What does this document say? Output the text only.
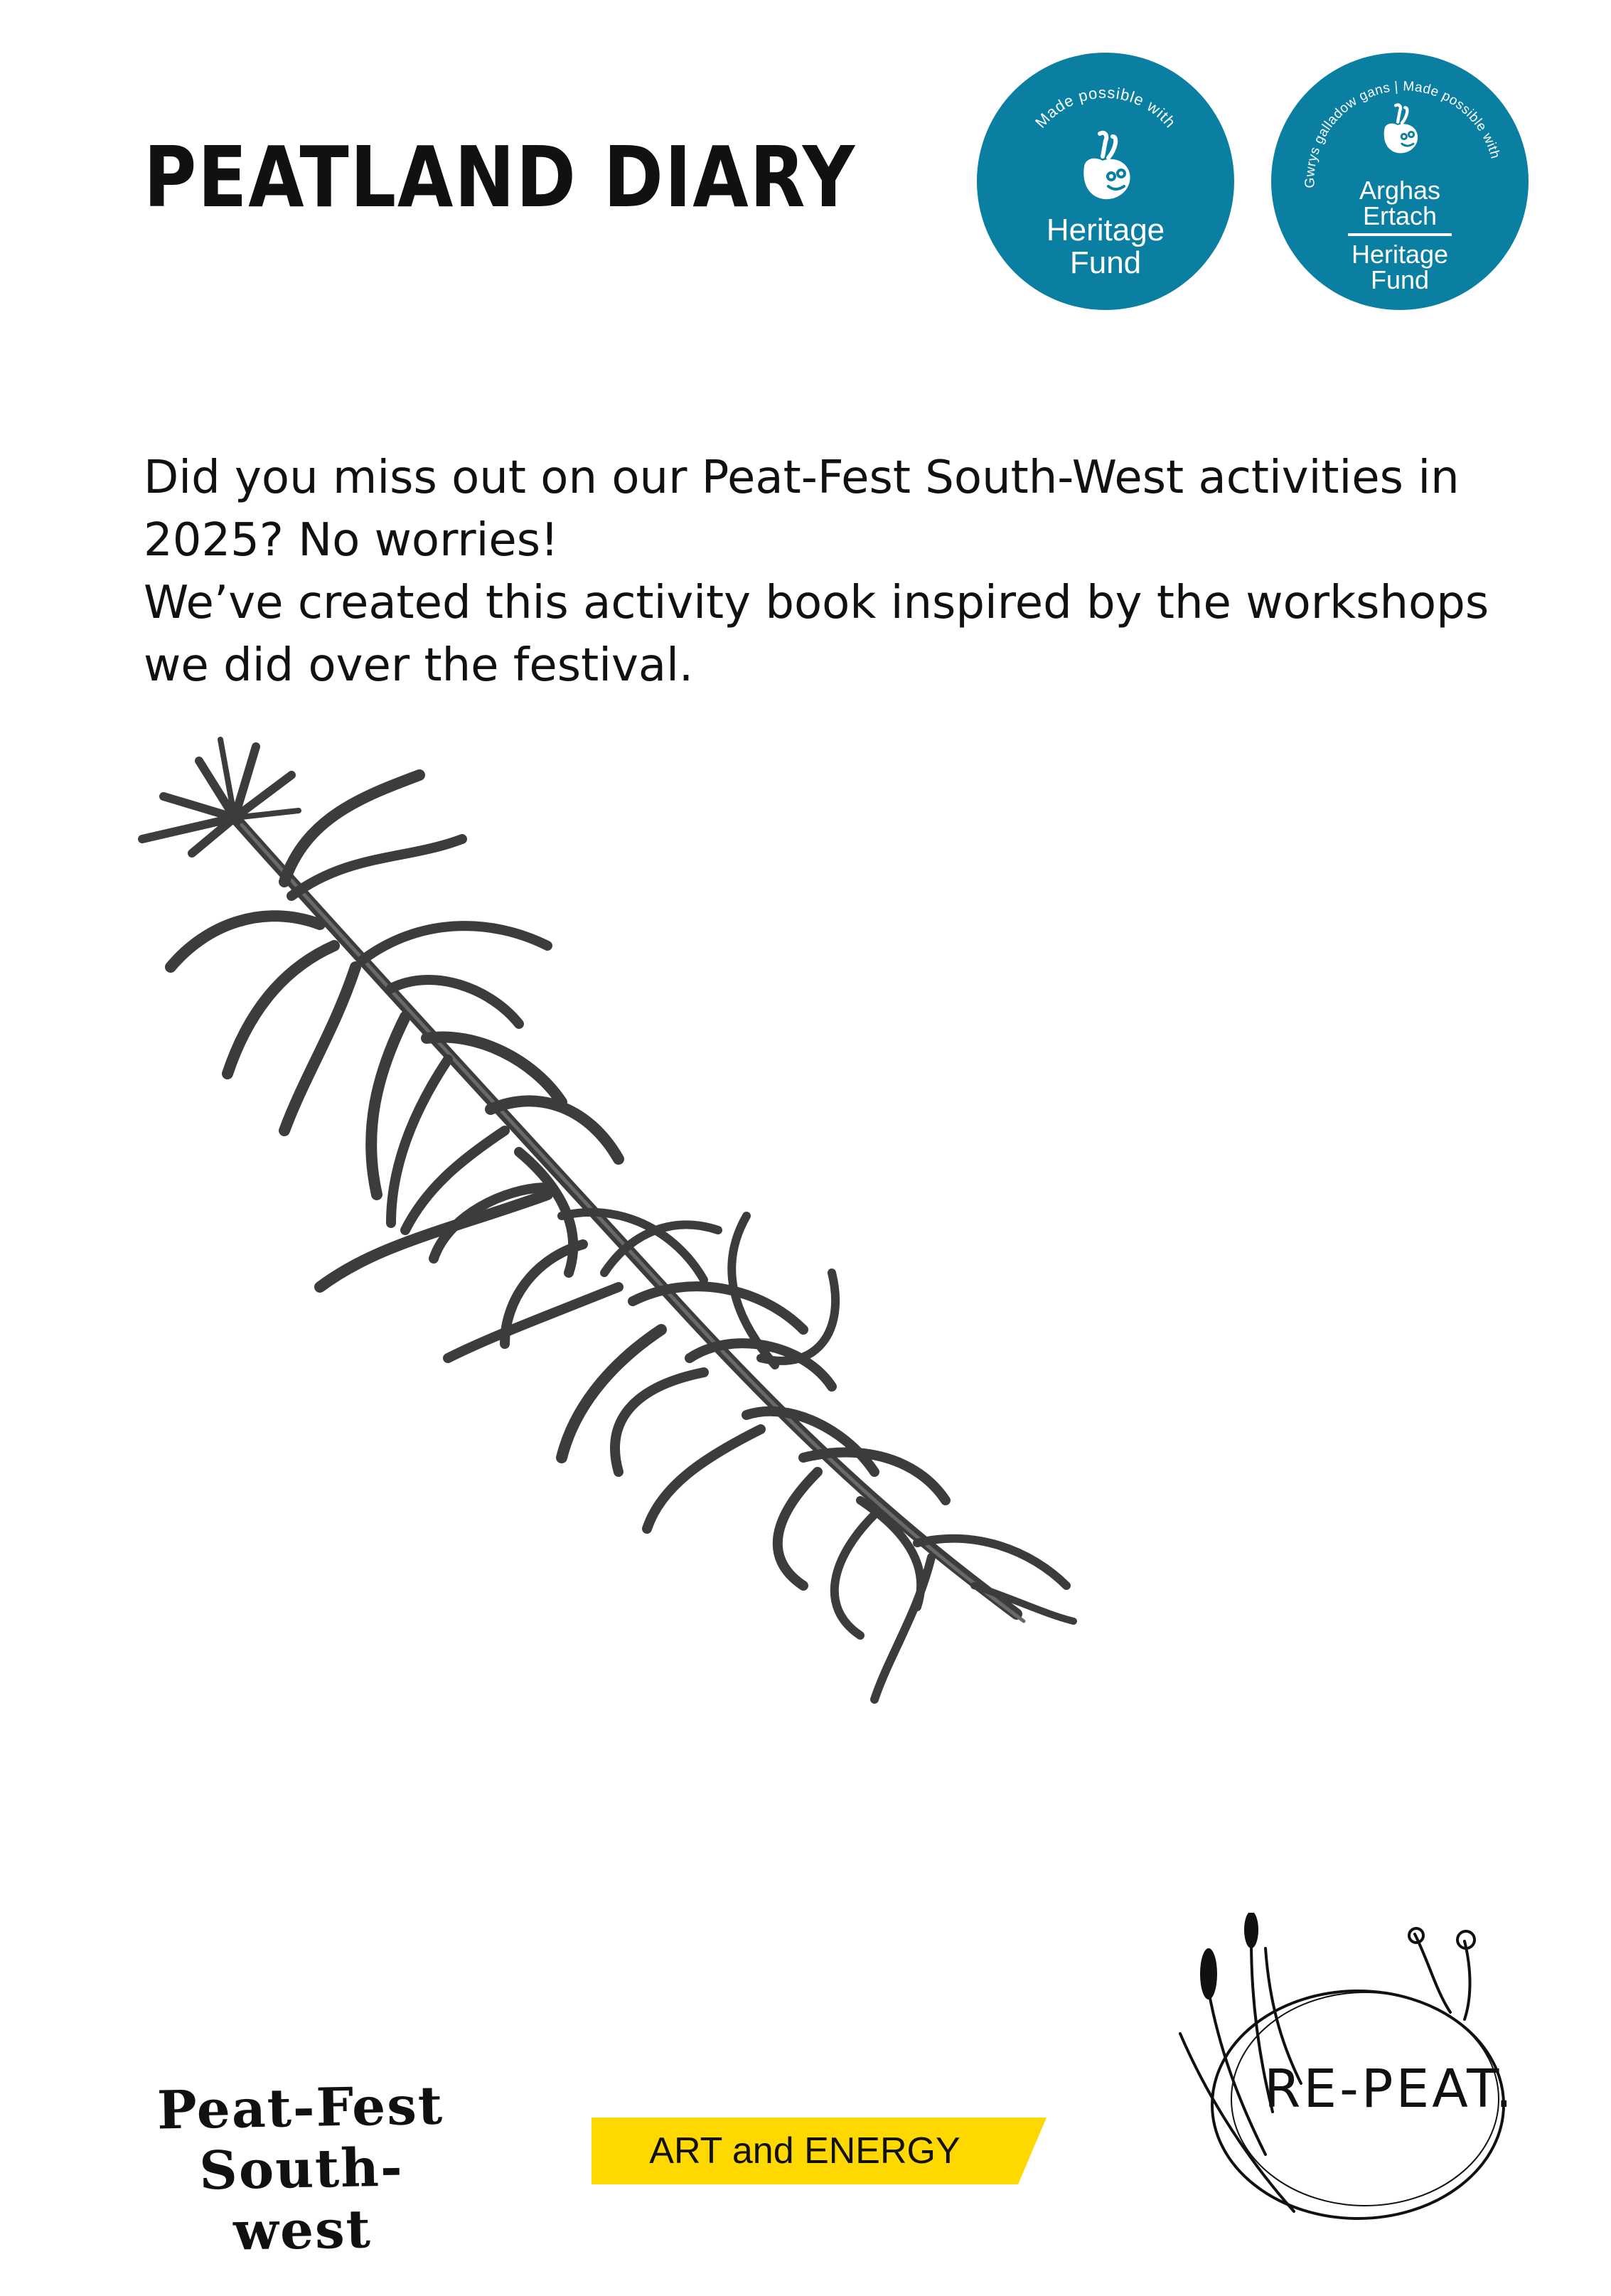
PEATLAND DIARY
Made possible with
Heritage
Fund
Gwrys galladow gans | Made possible with
Arghas
Ertach
Heritage
Fund

Did you miss out on our Peat-Fest South-West activities in 2025? No worries!

We’ve created this activity book inspired by the workshops we did over the festival.

Peat-Fest
South-west
ART and ENERGY
RE-PEAT.
